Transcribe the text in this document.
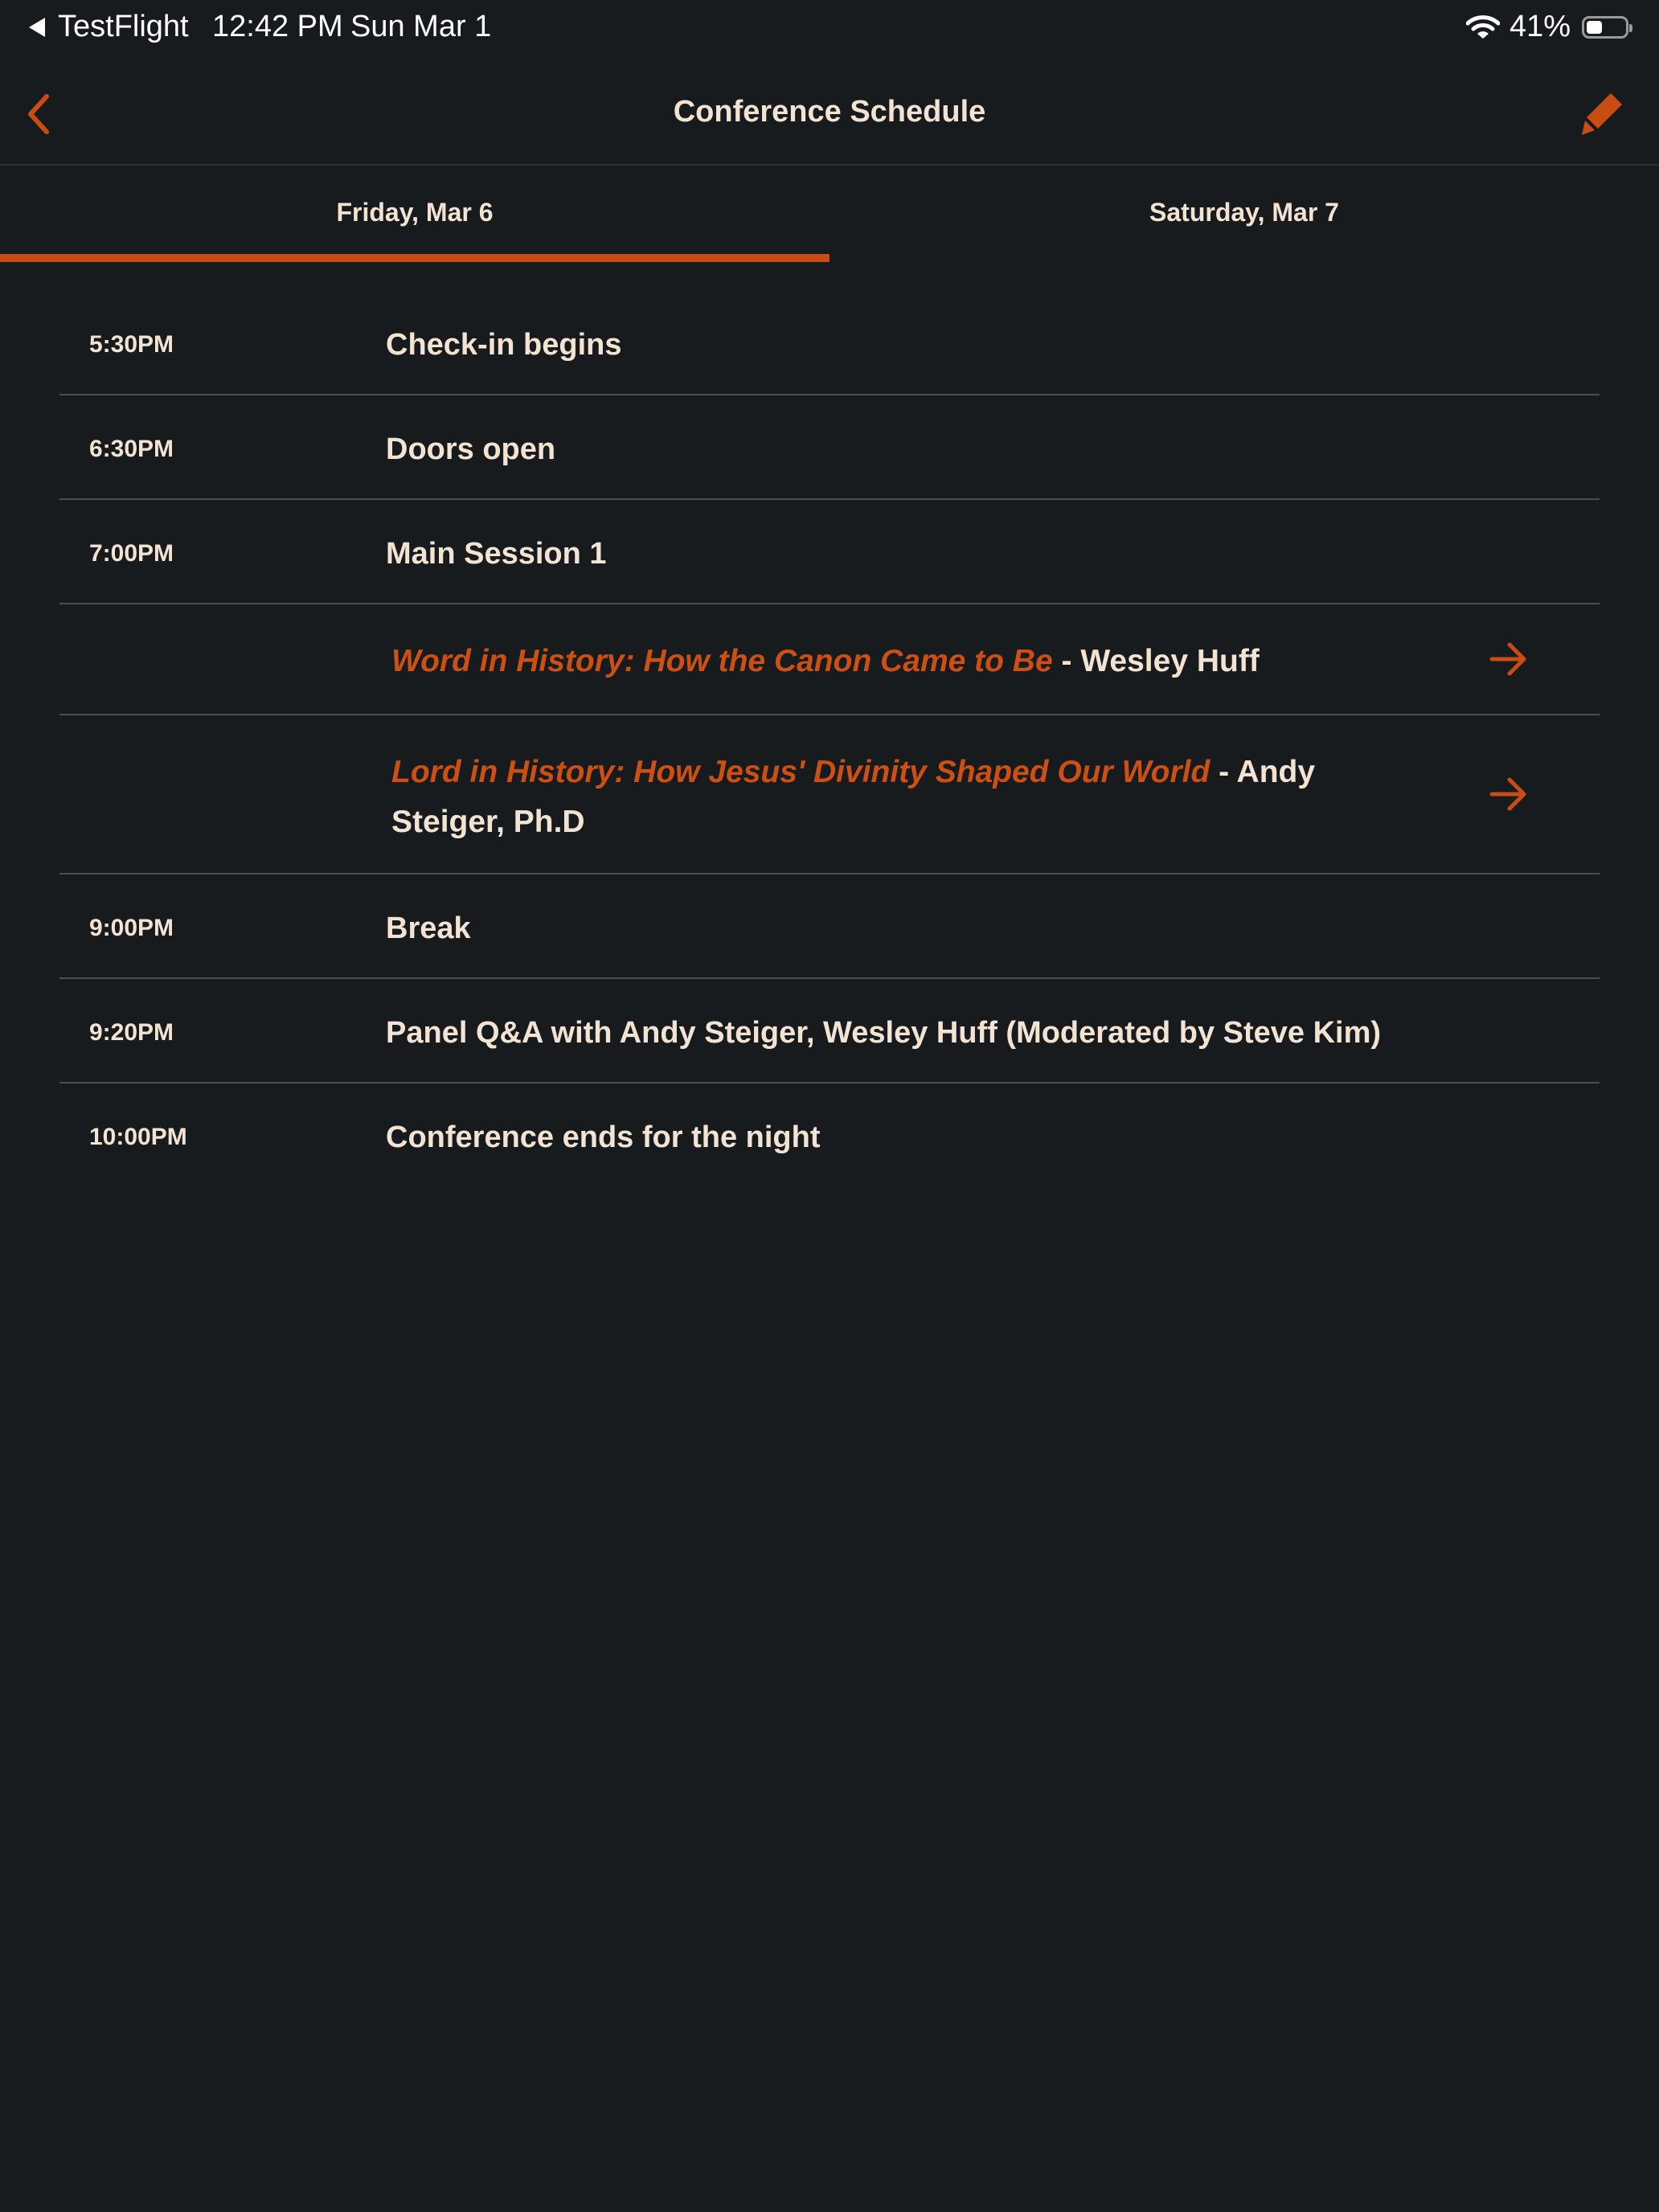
TestFlight 12:42 PM Sun Mar 1	41%
Conference Schedule
Friday, Mar 6	Saturday, Mar 7
5:30PM	Check-in begins
6:30PM	Doors open
7:00PM	Main Session 1
Word in History: How the Canon Came to Be - Wesley Huff
Lord in History: How Jesus' Divinity Shaped Our World - Andy Steiger, Ph.D
9:00PM	Break
9:20PM	Panel Q&A with Andy Steiger, Wesley Huff (Moderated by Steve Kim)
10:00PM	Conference ends for the night
